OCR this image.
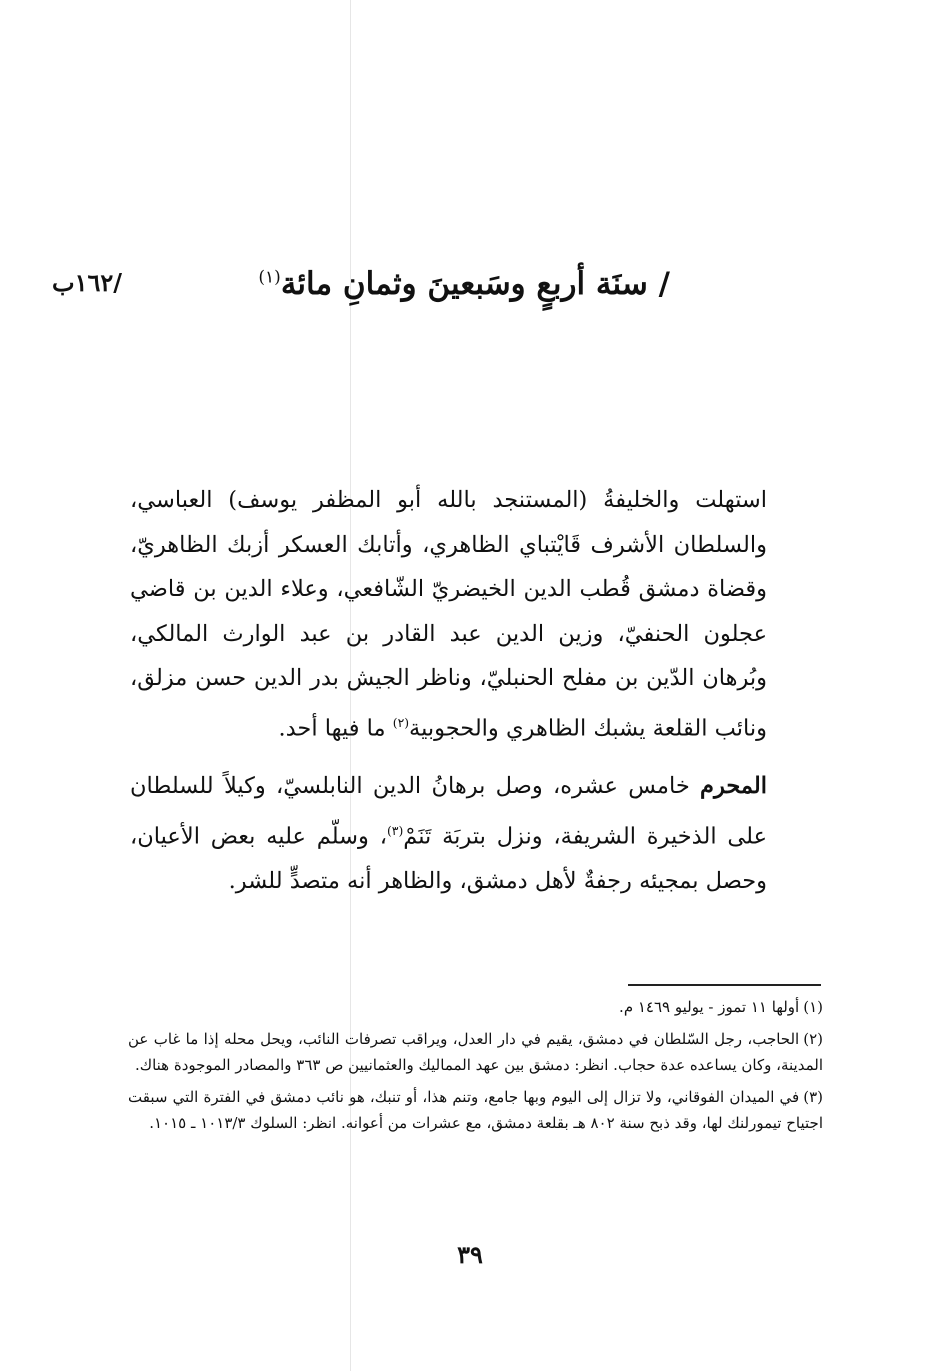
/١٦٢ب	/ سنَة أربعٍ وسَبعينَ وثمانِ مائة$^{(١)}$
استهلت والخليفةُ (المستنجد بالله أبو المظفر يوسف) العباسي، والسلطان الأشرف قَايْتباي الظاهري، وأتابك العسكر أزبك الظاهريّ، وقضاة دمشق قُطب الدين الخيضريّ الشّافعي، وعلاء الدين بن قاضي عجلون الحنفيّ، وزين الدين عبد القادر بن عبد الوارث المالكي، وبُرهان الدّين بن مفلح الحنبليّ، وناظر الجيش بدر الدين حسن مزلق، ونائب القلعة يشبك الظاهري والحجوبية$^{(٢)}$ ما فيها أحد.
المحرم خامس عشره، وصل برهانُ الدين النابلسيّ، وكيلاً للسلطان على الذخيرة الشريفة، ونزل بتربَة تَنَمْ$^{(٣)}$، وسلّم عليه بعض الأعيان، وحصل بمجيئه رجفةٌ لأهل دمشق، والظاهر أنه متصدٍّ للشر.

(١)أولها ١١ تموز - يوليو ١٤٦٩ م.

(٢)الحاجب، رجل السّلطان في دمشق، يقيم في دار العدل، ويراقب تصرفات النائب، ويحل محله إذا ما غاب عن المدينة، وكان يساعده عدة حجاب. انظر: دمشق بين عهد المماليك والعثمانيين ص ٣٦٣ والمصادر الموجودة هناك.

(٣)في الميدان الفوقاني، ولا تزال إلى اليوم وبها جامع، وتنم هذا، أو تنبك، هو نائب دمشق في الفترة التي سبقت اجتياح تيمورلنك لها، وقد ذبح سنة ٨٠٢ هـ بقلعة دمشق، مع عشرات من أعوانه. انظر: السلوك ١٠١٣/٣ ـ ١٠١٥.

٣٩
